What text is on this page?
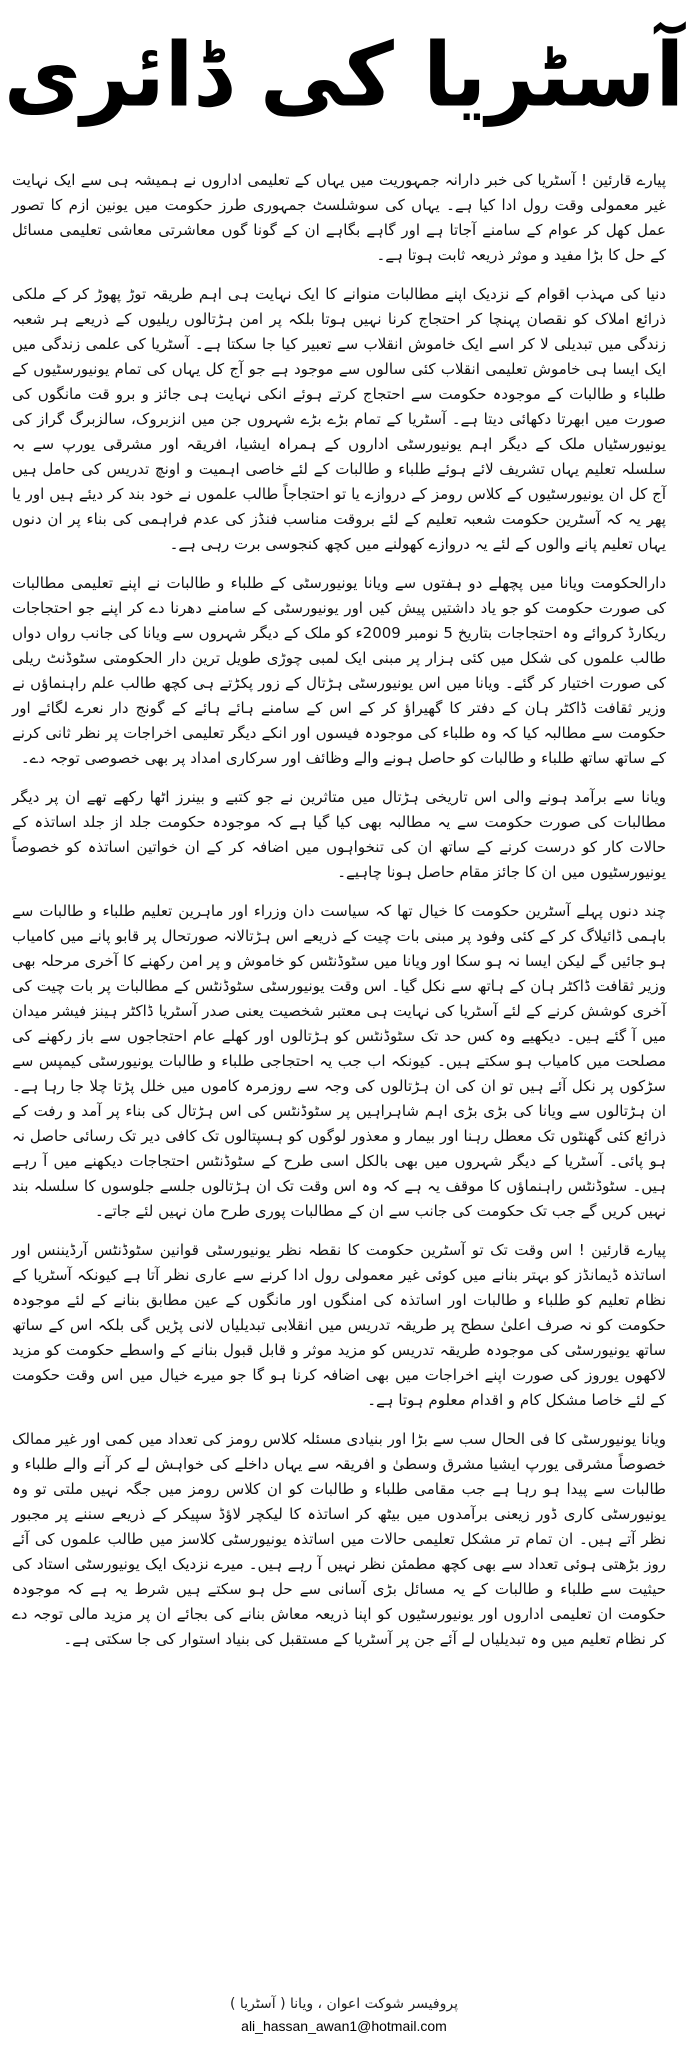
آسٹریا کی ڈائری

پیارے قارئین ! آسٹریا کی خبر دارانہ جمہوریت میں یہاں کے تعلیمی اداروں نے ہمیشہ ہی سے ایک نہایت غیر معمولی وقت رول ادا کیا ہے۔ یہاں کی سوشلسٹ جمہوری طرز حکومت میں یونین ازم کا تصور عمل کھل کر عوام کے سامنے آجاتا ہے اور گاہے بگاہے ان کے گونا گوں معاشرتی معاشی تعلیمی مسائل کے حل کا بڑا مفید و موثر ذریعہ ثابت ہوتا ہے۔

دنیا کی مہذب اقوام کے نزدیک اپنے مطالبات منوانے کا ایک نہایت ہی اہم طریقہ توڑ پھوڑ کر کے ملکی ذرائع املاک کو نقصان پہنچا کر احتجاج کرنا نہیں ہوتا بلکہ پر امن ہڑتالوں ریلیوں کے ذریعے ہر شعبہ زندگی میں تبدیلی لا کر اسے ایک خاموش انقلاب سے تعبیر کیا جا سکتا ہے۔ آسٹریا کی علمی زندگی میں ایک ایسا ہی خاموش تعلیمی انقلاب کئی سالوں سے موجود ہے جو آج کل یہاں کی تمام یونیورسٹیوں کے طلباء و طالبات کے موجودہ حکومت سے احتجاج کرتے ہوئے انکی نہایت ہی جائز و برو قت مانگوں کی صورت میں ابھرتا دکھائی دیتا ہے۔ آسٹریا کے تمام بڑے بڑے شہروں جن میں انزبروک، سالزبرگ گراز کی یونیورسٹیاں ملک کے دیگر اہم یونیورسٹی اداروں کے ہمراہ ایشیا، افریقہ اور مشرقی یورپ سے بہ سلسلہ تعلیم یہاں تشریف لائے ہوئے طلباء و طالبات کے لئے خاصی اہمیت و اونچ تدریس کی حامل ہیں آج کل ان یونیورسٹیوں کے کلاس رومز کے دروازے یا تو احتجاجاً طالب علموں نے خود بند کر دیئے ہیں اور یا پھر یہ کہ آسٹرین حکومت شعبہ تعلیم کے لئے بروقت مناسب فنڈز کی عدم فراہمی کی بناء پر ان دنوں یہاں تعلیم پانے والوں کے لئے یہ دروازے کھولنے میں کچھ کنجوسی برت رہی ہے۔

دارالحکومت ویانا میں پچھلے دو ہفتوں سے ویانا یونیورسٹی کے طلباء و طالبات نے اپنے تعلیمی مطالبات کی صورت حکومت کو جو یاد داشتیں پیش کیں اور یونیورسٹی کے سامنے دھرنا دے کر اپنے جو احتجاجات ریکارڈ کروائے وہ احتجاجات بتاریخ 5 نومبر 2009ء کو ملک کے دیگر شہروں سے ویانا کی جانب رواں دواں طالب علموں کی شکل میں کئی ہزار پر مبنی ایک لمبی چوڑی طویل ترین دار الحکومتی سٹوڈنٹ ریلی کی صورت اختیار کر گئے۔ ویانا میں اس یونیورسٹی ہڑتال کے زور پکڑتے ہی کچھ طالب علم راہنماؤں نے وزیر ثقافت ڈاکٹر ہان کے دفتر کا گھیراؤ کر کے اس کے سامنے ہائے ہائے کے گونج دار نعرے لگائے اور حکومت سے مطالبہ کیا کہ وہ طلباء کی موجودہ فیسوں اور انکے دیگر تعلیمی اخراجات پر نظر ثانی کرنے کے ساتھ ساتھ طلباء و طالبات کو حاصل ہونے والے وظائف اور سرکاری امداد پر بھی خصوصی توجہ دے۔

ویانا سے برآمد ہونے والی اس تاریخی ہڑتال میں متاثرین نے جو کتبے و بینرز اٹھا رکھے تھے ان پر دیگر مطالبات کی صورت حکومت سے یہ مطالبہ بھی کیا گیا ہے کہ موجودہ حکومت جلد از جلد اساتذہ کے حالات کار کو درست کرنے کے ساتھ ان کی تنخواہوں میں اضافہ کر کے ان خواتین اساتذہ کو خصوصاً یونیورسٹیوں میں ان کا جائز مقام حاصل ہونا چاہیے۔

چند دنوں پہلے آسٹرین حکومت کا خیال تھا کہ سیاست دان وزراء اور ماہرین تعلیم طلباء و طالبات سے باہمی ڈائیلاگ کر کے کئی وفود پر مبنی بات چیت کے ذریعے اس ہڑتالانہ صورتحال پر قابو پانے میں کامیاب ہو جائیں گے لیکن ایسا نہ ہو سکا اور ویانا میں سٹوڈنٹس کو خاموش و پر امن رکھنے کا آخری مرحلہ بھی وزیر ثقافت ڈاکٹر ہان کے ہاتھ سے نکل گیا۔ اس وقت یونیورسٹی سٹوڈنٹس کے مطالبات پر بات چیت کی آخری کوشش کرنے کے لئے آسٹریا کی نہایت ہی معتبر شخصیت یعنی صدر آسٹریا ڈاکٹر ہینز فیشر میدان میں آ گئے ہیں۔ دیکھیے وہ کس حد تک سٹوڈنٹس کو ہڑتالوں اور کھلے عام احتجاجوں سے باز رکھنے کی مصلحت میں کامیاب ہو سکتے ہیں۔ کیونکہ اب جب یہ احتجاجی طلباء و طالبات یونیورسٹی کیمپس سے سڑکوں پر نکل آئے ہیں تو ان کی ان ہڑتالوں کی وجہ سے روزمرہ کاموں میں خلل پڑتا چلا جا رہا ہے۔ ان ہڑتالوں سے ویانا کی بڑی بڑی اہم شاہراہیں پر سٹوڈنٹس کی اس ہڑتال کی بناء پر آمد و رفت کے ذرائع کئی گھنٹوں تک معطل رہنا اور بیمار و معذور لوگوں کو ہسپتالوں تک کافی دیر تک رسائی حاصل نہ ہو پائی۔ آسٹریا کے دیگر شہروں میں بھی بالکل اسی طرح کے سٹوڈنٹس احتجاجات دیکھنے میں آ رہے ہیں۔ سٹوڈنٹس راہنماؤں کا موقف یہ ہے کہ وہ اس وقت تک ان ہڑتالوں جلسے جلوسوں کا سلسلہ بند نہیں کریں گے جب تک حکومت کی جانب سے ان کے مطالبات پوری طرح مان نہیں لئے جاتے۔

پیارے قارئین ! اس وقت تک تو آسٹرین حکومت کا نقطہ نظر یونیورسٹی قوانین سٹوڈنٹس آرڈیننس اور اساتذہ ڈیمانڈز کو بہتر بنانے میں کوئی غیر معمولی رول ادا کرنے سے عاری نظر آتا ہے کیونکہ آسٹریا کے نظام تعلیم کو طلباء و طالبات اور اساتذہ کی امنگوں اور مانگوں کے عین مطابق بنانے کے لئے موجودہ حکومت کو نہ صرف اعلیٰ سطح پر طریقہ تدریس میں انقلابی تبدیلیاں لانی پڑیں گی بلکہ اس کے ساتھ ساتھ یونیورسٹی کی موجودہ طریقہ تدریس کو مزید موثر و قابل قبول بنانے کے واسطے حکومت کو مزید لاکھوں یوروز کی صورت اپنے اخراجات میں بھی اضافہ کرنا ہو گا جو میرے خیال میں اس وقت حکومت کے لئے خاصا مشکل کام و اقدام معلوم ہوتا ہے۔

ویانا یونیورسٹی کا فی الحال سب سے بڑا اور بنیادی مسئلہ کلاس رومز کی تعداد میں کمی اور غیر ممالک خصوصاً مشرقی یورپ ایشیا مشرق وسطیٰ و افریقہ سے یہاں داخلے کی خواہش لے کر آنے والے طلباء و طالبات سے پیدا ہو رہا ہے جب مقامی طلباء و طالبات کو ان کلاس رومز میں جگہ نہیں ملتی تو وہ یونیورسٹی کاری ڈور زیعنی برآمدوں میں بیٹھ کر اساتذہ کا لیکچر لاؤڈ سپیکر کے ذریعے سننے پر مجبور نظر آتے ہیں۔ ان تمام تر مشکل تعلیمی حالات میں اساتذہ یونیورسٹی کلاسز میں طالب علموں کی آئے روز بڑھتی ہوئی تعداد سے بھی کچھ مطمئن نظر نہیں آ رہے ہیں۔ میرے نزدیک ایک یونیورسٹی استاد کی حیثیت سے طلباء و طالبات کے یہ مسائل بڑی آسانی سے حل ہو سکتے ہیں شرط یہ ہے کہ موجودہ حکومت ان تعلیمی اداروں اور یونیورسٹیوں کو اپنا ذریعہ معاش بنانے کی بجائے ان پر مزید مالی توجہ دے کر نظام تعلیم میں وہ تبدیلیاں لے آئے جن پر آسٹریا کے مستقبل کی بنیاد استوار کی جا سکتی ہے۔

پروفیسر شوکت اعوان ، ویانا ( آسٹریا )
ali_hassan_awan1@hotmail.com
